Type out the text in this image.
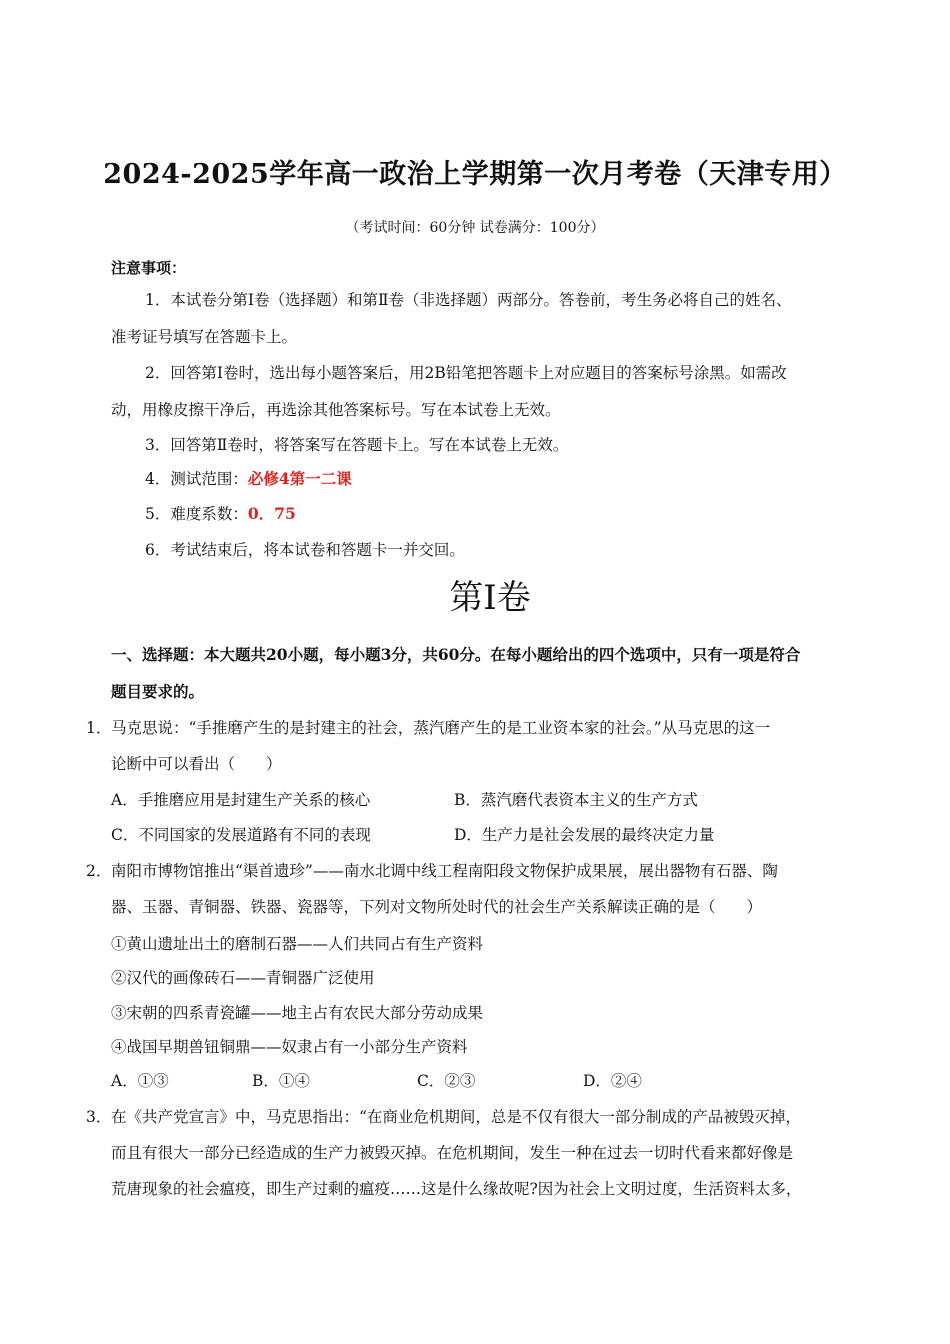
2024-2025学年高一政治上学期第一次月考卷（天津专用）
（考试时间：60分钟 试卷满分：100分）
注意事项：
1．本试卷分第Ⅰ卷（选择题）和第Ⅱ卷（非选择题）两部分。答卷前，考生务必将自己的姓名、
准考证号填写在答题卡上。
2．回答第Ⅰ卷时，选出每小题答案后，用2B铅笔把答题卡上对应题目的答案标号涂黑。如需改
动，用橡皮擦干净后，再选涂其他答案标号。写在本试卷上无效。
3．回答第Ⅱ卷时，将答案写在答题卡上。写在本试卷上无效。
4．测试范围：必修4第一二课
5．难度系数：0．75
6．考试结束后，将本试卷和答题卡一并交回。
第Ⅰ卷
一、选择题：本大题共20小题，每小题3分，共60分。在每小题给出的四个选项中，只有一项是符合
题目要求的。
1． 马克思说：“手推磨产生的是封建主的社会，蒸汽磨产生的是工业资本家的社会。”从马克思的这一
论断中可以看出（　　）
A．手推磨应用是封建生产关系的核心	B．蒸汽磨代表资本主义的生产方式
C．不同国家的发展道路有不同的表现	D．生产力是社会发展的最终决定力量
2． 南阳市博物馆推出“渠首遗珍”——南水北调中线工程南阳段文物保护成果展，展出器物有石器、陶
器、玉器、青铜器、铁器、瓷器等，下列对文物所处时代的社会生产关系解读正确的是（　　）
①黄山遗址出土的磨制石器——人们共同占有生产资料
②汉代的画像砖石——青铜器广泛使用
③宋朝的四系青瓷罐——地主占有农民大部分劳动成果
④战国早期兽钮铜鼎——奴隶占有一小部分生产资料
A．①③	B．①④	C．②③	D．②④
3． 在《共产党宣言》中，马克思指出：“在商业危机期间，总是不仅有很大一部分制成的产品被毁灭掉，
而且有很大一部分已经造成的生产力被毁灭掉。在危机期间，发生一种在过去一切时代看来都好像是
荒唐现象的社会瘟疫，即生产过剩的瘟疫……这是什么缘故呢?因为社会上文明过度，生活资料太多，
